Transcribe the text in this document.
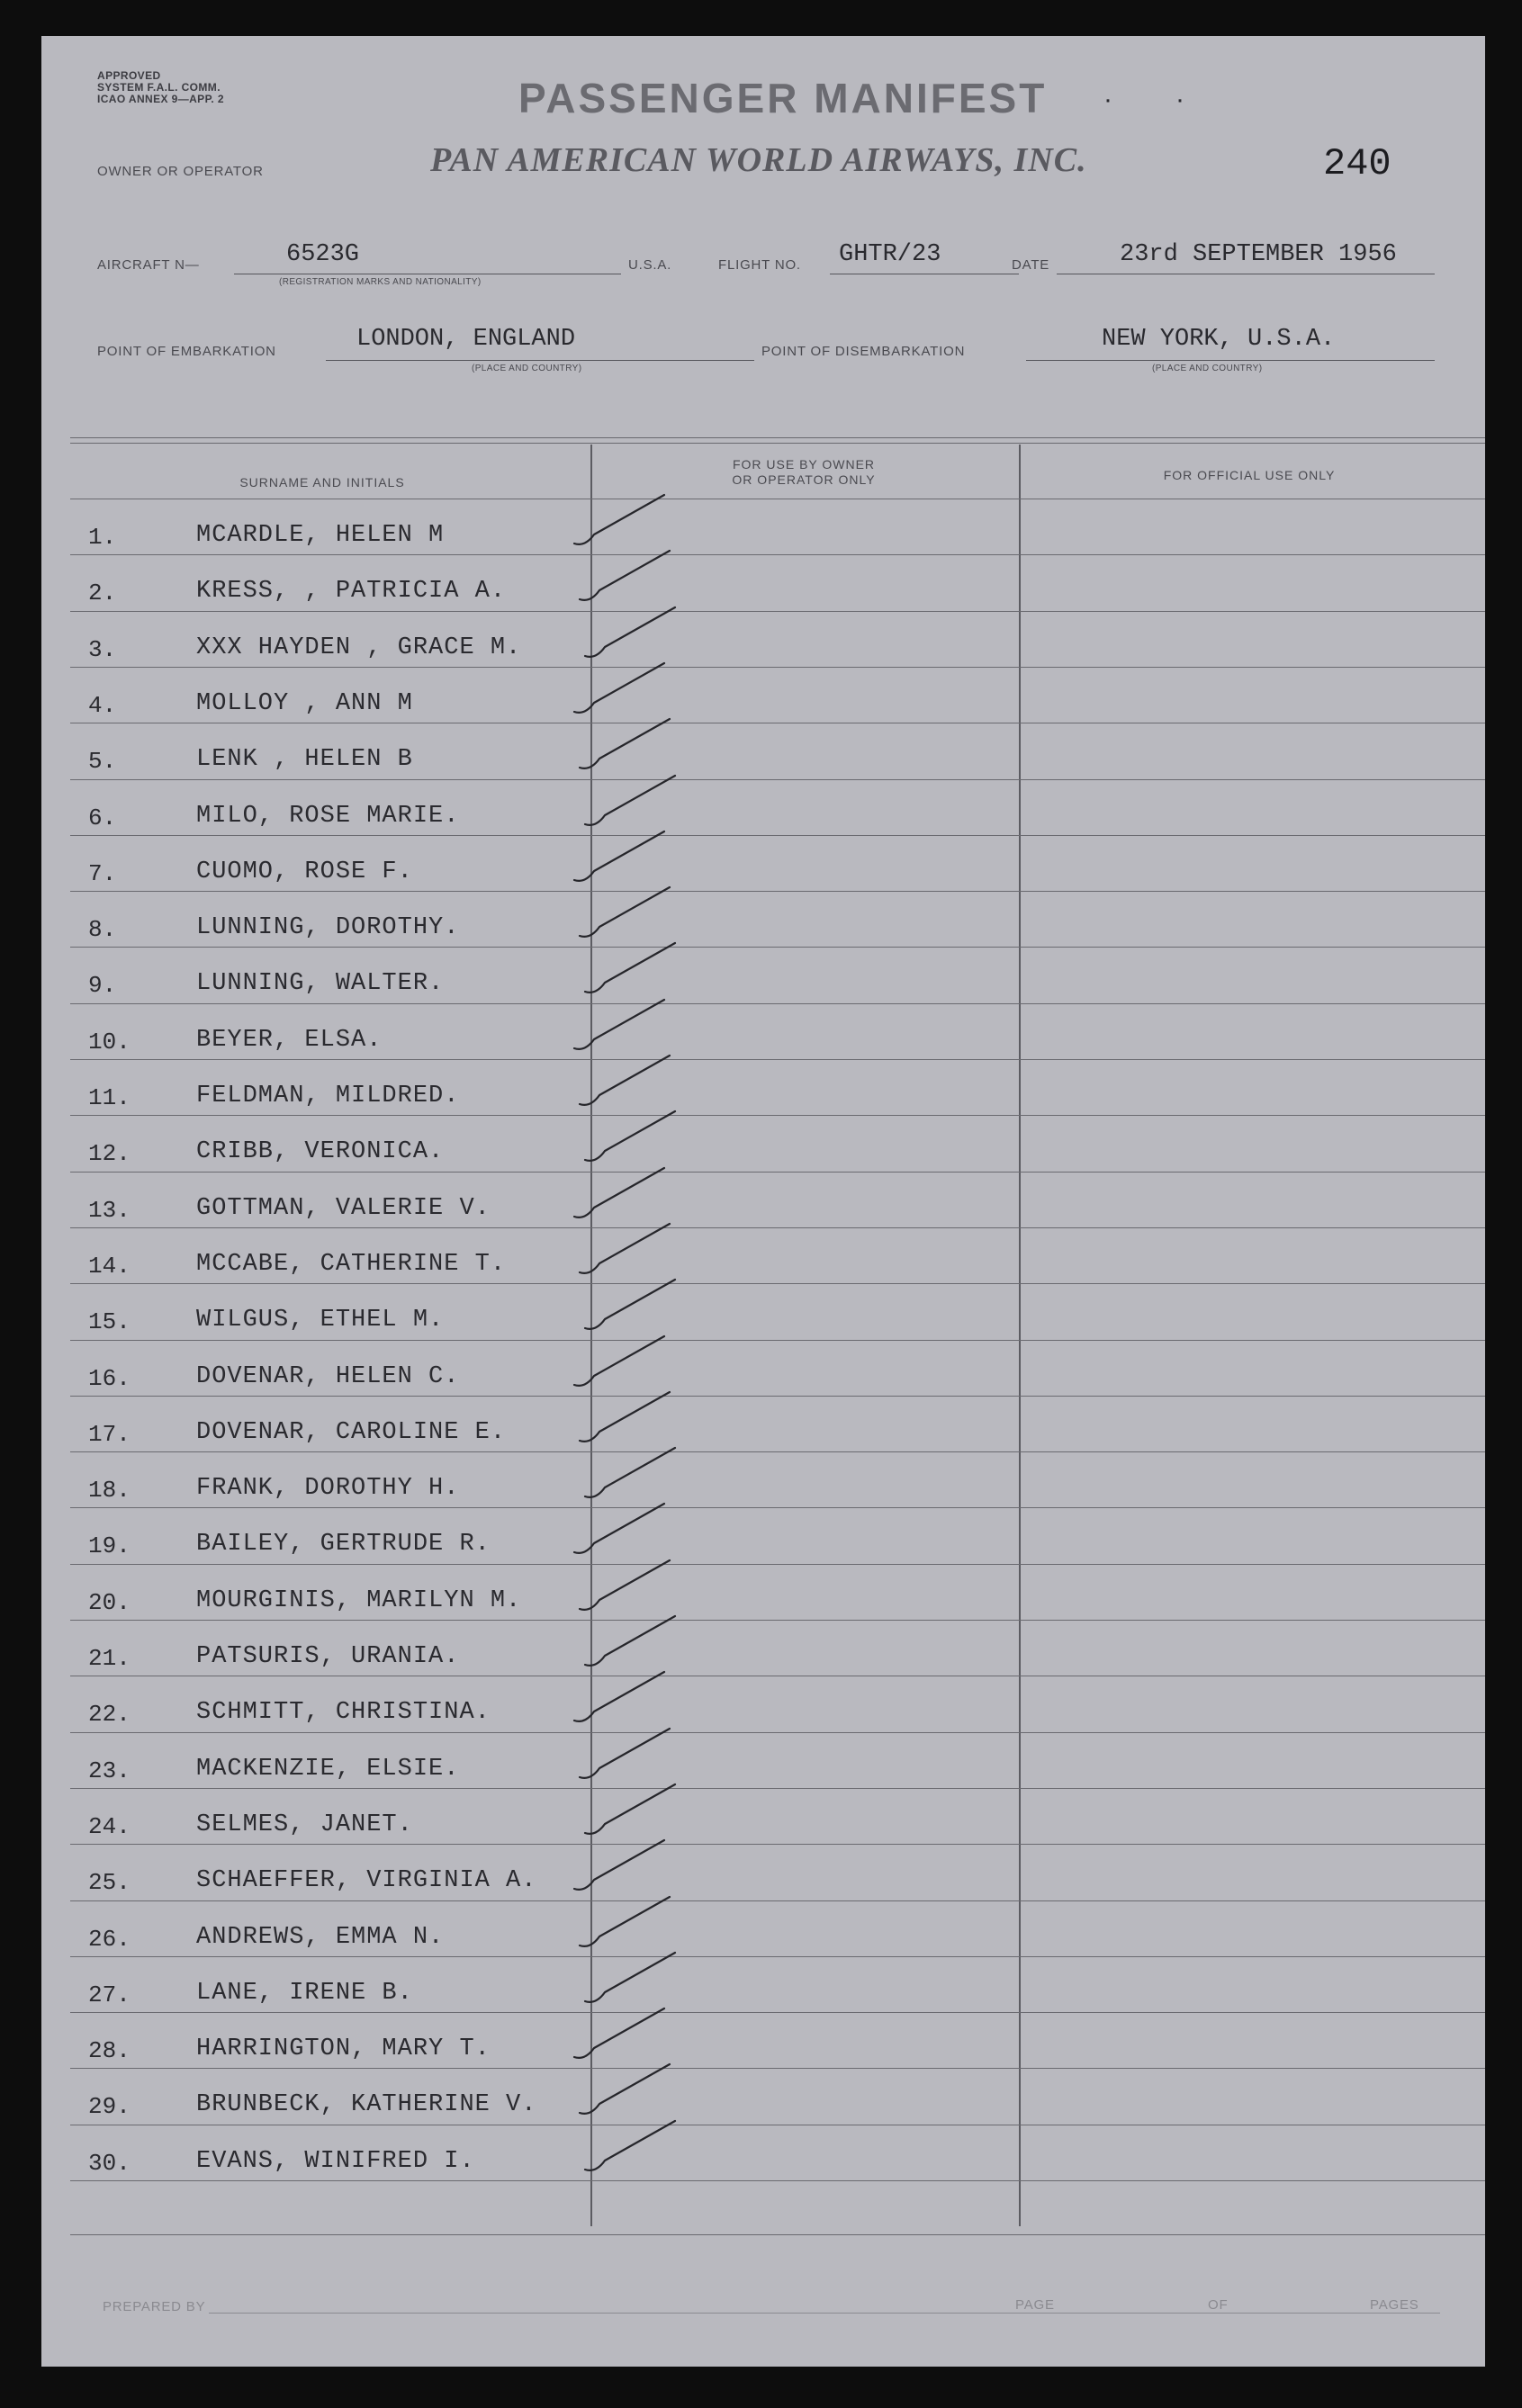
APPROVED
SYSTEM F.A.L. COMM.
ICAO ANNEX 9—APP. 2	PASSENGER MANIFEST ··
OWNER OR OPERATOR	PAN AMERICAN WORLD AIRWAYS, INC.	240
AIRCRAFT N—	6523G
(REGISTRATION MARKS AND NATIONALITY)
U.S.A.	FLIGHT NO. GHTR/23	DATE	23rd SEPTEMBER 1956
POINT OF EMBARKATION	LONDON, ENGLAND
(PLACE AND COUNTRY)
POINT OF DISEMBARKATION	NEW YORK, U.S.A.
(PLACE AND COUNTRY)
SURNAME AND INITIALS
FOR USE BY OWNER
OR OPERATOR ONLY	FOR OFFICIAL USE ONLY
1.	MCARDLE, HELEN M
2.	KRESS, , PATRICIA A.
3.	XXX HAYDEN , GRACE M.
4.	MOLLOY , ANN M
5.	LENK , HELEN B
6.	MILO, ROSE MARIE.
7.	CUOMO, ROSE F.
8.	LUNNING, DOROTHY.
9.	LUNNING, WALTER.
10.	BEYER, ELSA.
11.	FELDMAN, MILDRED.
12.	CRIBB, VERONICA.
13.	GOTTMAN, VALERIE V.
14.	MCCABE, CATHERINE T.
15.	WILGUS, ETHEL M.
16.	DOVENAR, HELEN C.
17.	DOVENAR, CAROLINE E.
18.	FRANK, DOROTHY H.
19.	BAILEY, GERTRUDE R.
20.	MOURGINIS, MARILYN M.
21.	PATSURIS, URANIA.
22.	SCHMITT, CHRISTINA.
23.	MACKENZIE, ELSIE.
24.	SELMES, JANET.
25.	SCHAEFFER, VIRGINIA A.
26.	ANDREWS, EMMA N.
27.	LANE, IRENE B.
28.	HARRINGTON, MARY T.
29.	BRUNBECK, KATHERINE V.
30.	EVANS, WINIFRED I.
PREPARED BY	PAGE	OF	PAGES
